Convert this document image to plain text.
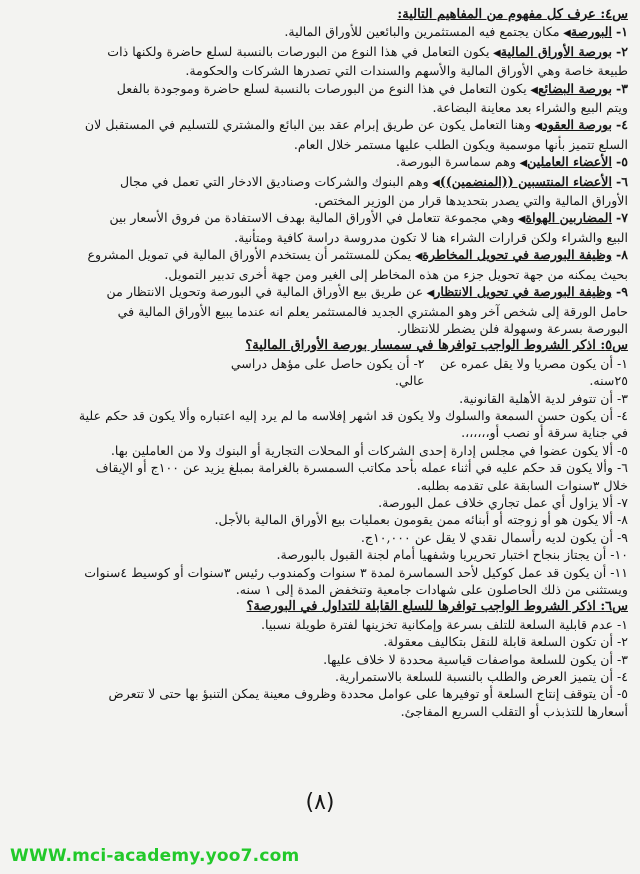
س٤: عرف كل مفهوم من المفاهيم التالية:

١- البورصة◀ مكان يجتمع فيه المستثمرين والبائعين للأوراق المالية.

٢- بورصة الأوراق المالية◀ يكون التعامل في هذا النوع من البورصات بالنسبة لسلع حاضرة ولكنها ذات

طبيعة خاصة وهي الأوراق المالية والأسهم والسندات التي تصدرها الشركات والحكومة.

٣- بورصة البضائع◀ يكون التعامل في هذا النوع من البورصات بالنسبة لسلع حاضرة وموجودة بالفعل

ويتم البيع والشراء بعد معاينة البضاعة.

٤- بورصة العقود◀ وهنا التعامل يكون عن طريق إبرام عقد بين البائع والمشتري للتسليم في المستقبل لان

السلع تتميز بأنها موسمية ويكون الطلب عليها مستمر خلال العام.

٥- الأعضاء العاملين◀ وهم سماسرة البورصة.

٦- الأعضاء المنتسبين ((المنضمين))◀ وهم البنوك والشركات وصناديق الادخار التي تعمل في مجال

الأوراق المالية والتي يصدر بتحديدها قرار من الوزير المختص.

٧- المضاربين الهواة◀ وهي مجموعة تتعامل في الأوراق المالية بهدف الاستفادة من فروق الأسعار بين

البيع والشراء ولكن قرارات الشراء هنا لا تكون مدروسة دراسة كافية ومتأنية.

٨- وظيفة البورصة في تحويل المخاطرة◀ يمكن للمستثمر أن يستخدم الأوراق المالية في تمويل المشروع

بحيث يمكنه من جهة تحويل جزء من هذه المخاطر إلى الغير ومن جهة أخرى تدبير التمويل.

٩- وظيفة البورصة في تحويل الانتظار◀ عن طريق بيع الأوراق المالية في البورصة وتحويل الانتظار من

حامل الورقة إلى شخص آخر وهو المشتري الجديد فالمستثمر يعلم انه عندما يبيع الأوراق المالية في

البورصة بسرعة وسهولة فلن يضطر للانتظار.

س٥: اذكر الشروط الواجب توافرها في سمسار بورصة الأوراق المالية؟

١- أن يكون مصريا ولا يقل عمره عن ٢٥سنه.
٢- أن يكون حاصل على مؤهل دراسي عالي.

٣- أن تتوفر لدية الأهلية القانونية.

٤- أن يكون حسن السمعة والسلوك ولا يكون قد اشهر إفلاسه ما لم يرد إليه اعتباره وألا يكون قد حكم علية

في جناية سرقة أو نصب أو،،،،،،.

٥- ألا يكون عضوا في مجلس إدارة إحدى الشركات أو المحلات التجارية أو البنوك ولا من العاملين بها.

٦- وألا يكون قد حكم عليه في أثناء عمله بأحد مكاتب السمسرة بالغرامة بمبلغ يزيد عن ١٠٠ج أو الإيقاف

خلال ٣سنوات السابقة على تقدمه بطلبه.

٧- ألا يزاول أي عمل تجاري خلاف عمل البورصة.

٨- ألا يكون هو أو زوجته أو أبنائه ممن يقومون بعمليات بيع الأوراق المالية بالأجل.

٩- أن يكون لديه رأسمال نقدي لا يقل عن ١٠,٠٠٠ج.

١٠- أن يجتاز بنجاح اختبار تحريريا وشفهيا أمام لجنة القبول بالبورصة.

١١- أن يكون قد عمل كوكيل لأحد السماسرة لمدة ٣ سنوات وكمندوب رئيس ٣سنوات أو كوسيط ٤سنوات

ويستثنى من ذلك الحاصلون على شهادات جامعية وتنخفض المدة إلى ١ سنه.

س٦: اذكر الشروط الواجب توافرها للسلع القابلة للتداول في البورصة؟

١- عدم قابلية السلعة للتلف بسرعة وإمكانية تخزينها لفترة طويلة نسبيا.

٢- أن تكون السلعة قابلة للنقل بتكاليف معقولة.

٣- أن يكون للسلعة مواصفات قياسية محددة لا خلاف عليها.

٤- أن يتميز العرض والطلب بالنسبة للسلعة بالاستمرارية.

٥- أن يتوقف إنتاج السلعة أو توفيرها على عوامل محددة وظروف معينة يمكن التنبؤ بها حتى لا تتعرض

أسعارها للتذبذب أو التقلب السريع المفاجئ.

(٨)
WWW.mci-academy.yoo7.com
